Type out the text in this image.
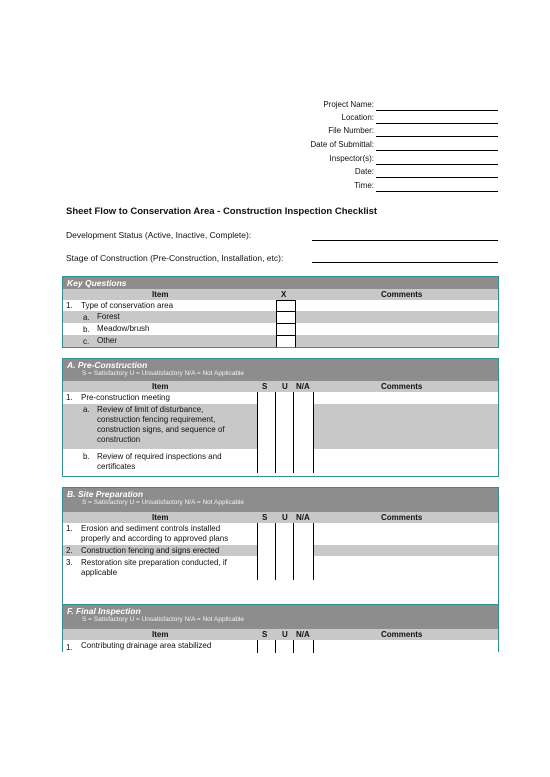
Project Name:
Location:
File Number:
Date of Submittal:
Inspector(s):
Date:
Time:
Sheet Flow to Conservation Area - Construction Inspection Checklist
Development Status (Active, Inactive, Complete):
Stage of Construction (Pre-Construction, Installation, etc):
Key Questions
Item	X	Comments
1. Type of conservation area
a. Forest
b. Meadow/brush
c. Other
A. Pre-Construction
S = Satisfactory U = Unsatisfactory N/A = Not Applicable
Item	S U N/A	Comments
1. Pre-construction meeting
a. Review of limit of disturbance,
construction fencing requirement,
construction signs, and sequence of
construction
b. Review of required inspections and
certificates
B. Site Preparation
S = Satisfactory U = Unsatisfactory N/A = Not Applicable
Item	S U N/A	Comments
1. Erosion and sediment controls installed
properly and according to approved plans
2. Construction fencing and signs erected
3. Restoration site preparation conducted, if
applicable
F. Final Inspection
S = Satisfactory U = Unsatisfactory N/A = Not Applicable
Item	S U N/A	Comments
1. Contributing drainage area stabilized
